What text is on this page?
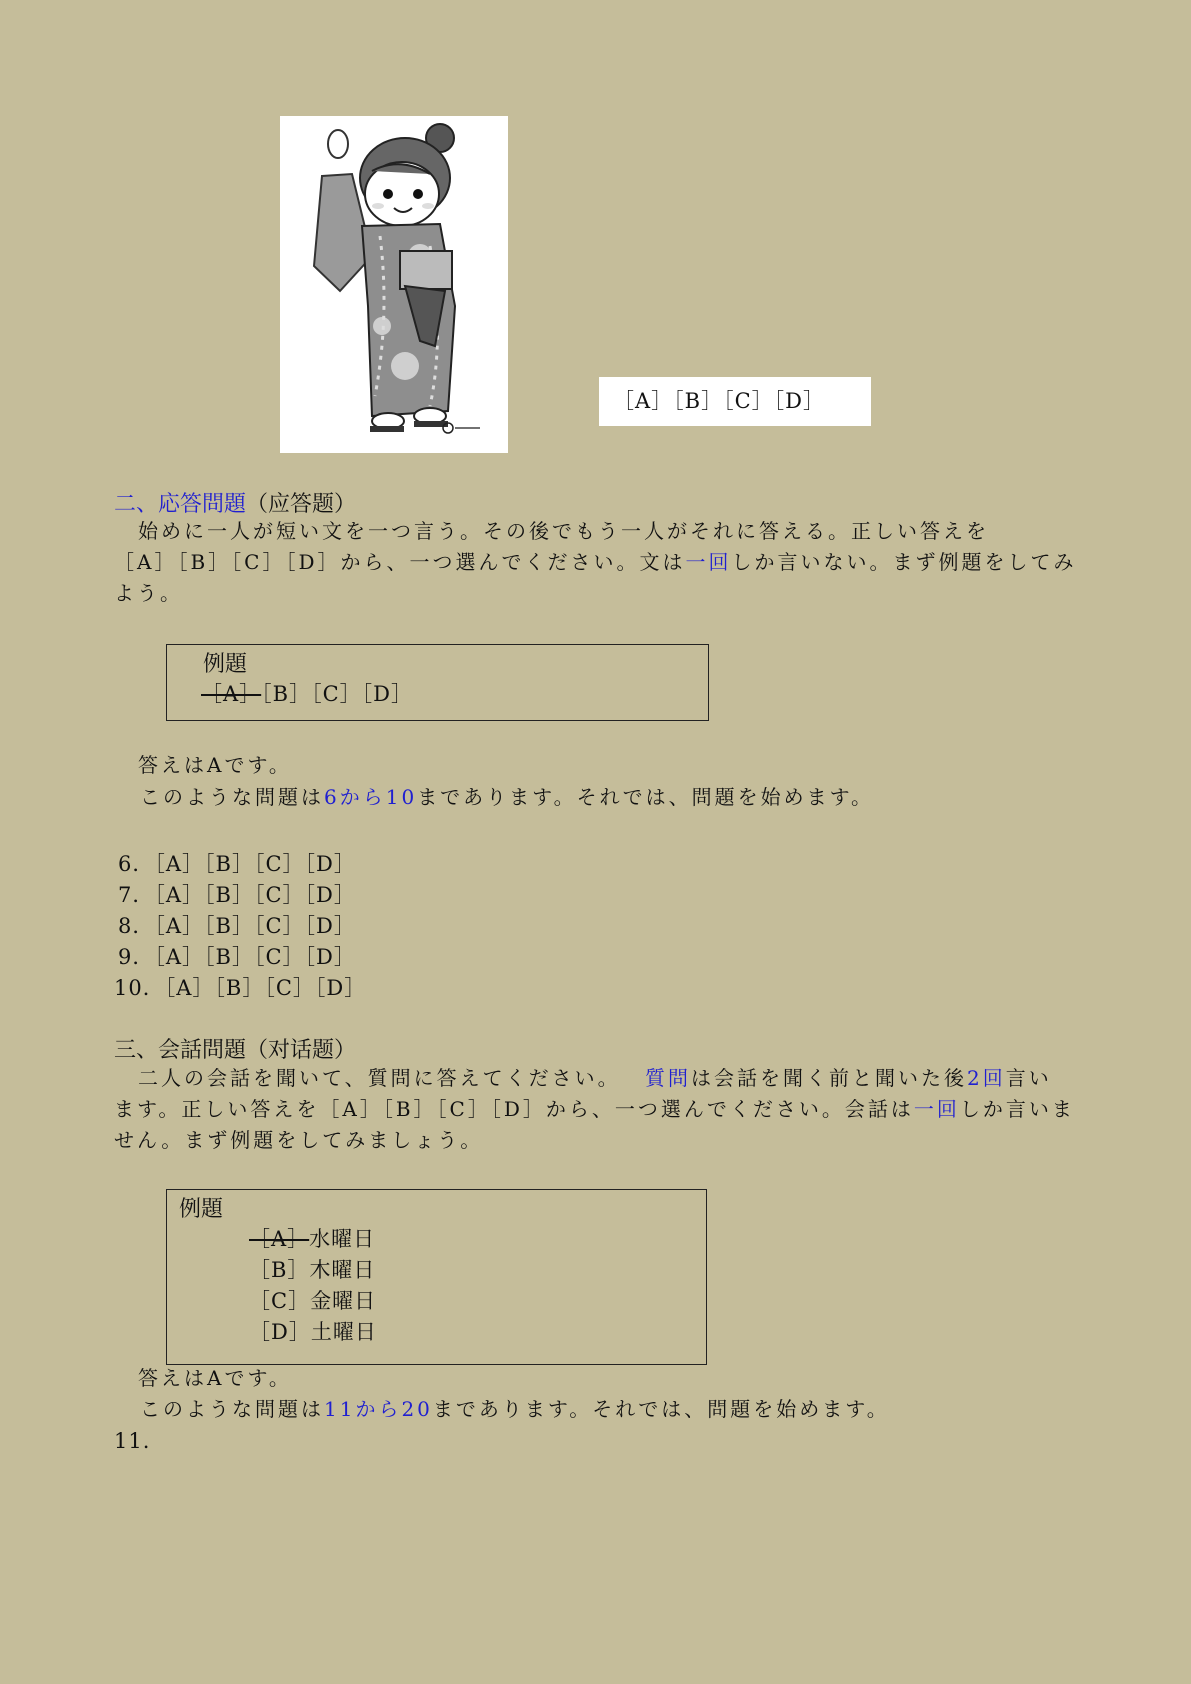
［A］［B］［C］［D］
二、応答問題（应答题）
始めに一人が短い文を一つ言う。その後でもう一人がそれに答える。正しい答えを
［A］［B］［C］［D］から、一つ選んでください。文は一回しか言いない。まず例題をしてみ
よう。
例題
［A］［B］［C］［D］
答えはAです。
このような問題は6から10まであります。それでは、問題を始めます。
6．［A］［B］［C］［D］
7．［A］［B］［C］［D］
8．［A］［B］［C］［D］
9．［A］［B］［C］［D］
10．［A］［B］［C］［D］
三、会話問題（对话题）
二人の会話を聞いて、質問に答えてください。 質問は会話を聞く前と聞いた後2回言い
ます。正しい答えを［A］［B］［C］［D］から、一つ選んでください。会話は一回しか言いま
せん。まず例題をしてみましょう。
例題
［A］水曜日
［B］木曜日
［C］金曜日
［D］土曜日
答えはAです。
このような問題は11から20まであります。それでは、問題を始めます。
11.
